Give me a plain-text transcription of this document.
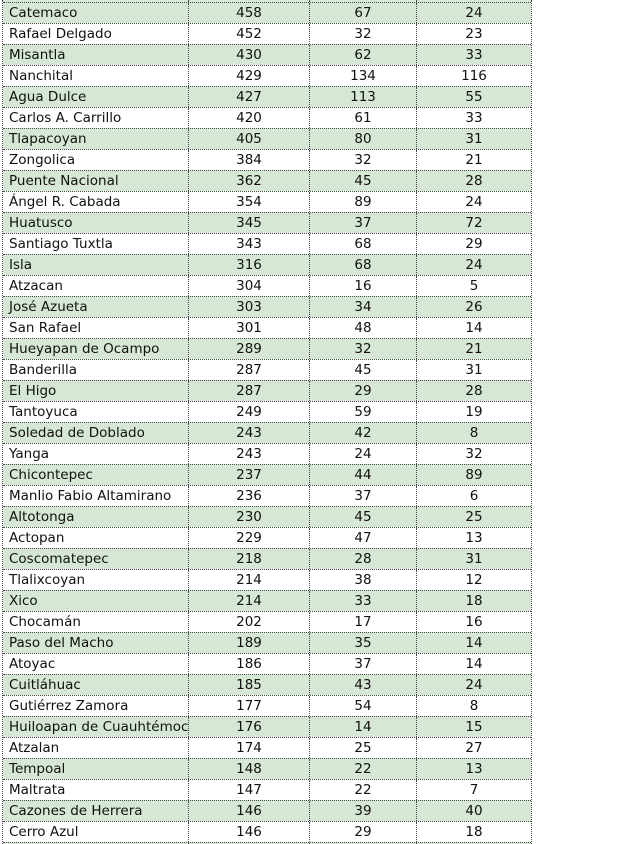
Catemaco	458	67	24
Rafael Delgado	452	32	23
Misantla	430	62	33
Nanchital	429	134	116
Agua Dulce	427	113	55
Carlos A. Carrillo	420	61	33
Tlapacoyan	405	80	31
Zongolica	384	32	21
Puente Nacional	362	45	28
Ángel R. Cabada	354	89	24
Huatusco	345	37	72
Santiago Tuxtla	343	68	29
Isla	316	68	24
Atzacan	304	16	5
José Azueta	303	34	26
San Rafael	301	48	14
Hueyapan de Ocampo	289	32	21
Banderilla	287	45	31
El Higo	287	29	28
Tantoyuca	249	59	19
Soledad de Doblado	243	42	8
Yanga	243	24	32
Chicontepec	237	44	89
Manlio Fabio Altamirano	236	37	6
Altotonga	230	45	25
Actopan	229	47	13
Coscomatepec	218	28	31
Tlalixcoyan	214	38	12
Xico	214	33	18
Chocamán	202	17	16
Paso del Macho	189	35	14
Atoyac	186	37	14
Cuitláhuac	185	43	24
Gutiérrez Zamora	177	54	8
Huiloapan de Cuauhtémoc	176	14	15
Atzalan	174	25	27
Tempoal	148	22	13
Maltrata	147	22	7
Cazones de Herrera	146	39	40
Cerro Azul	146	29	18
